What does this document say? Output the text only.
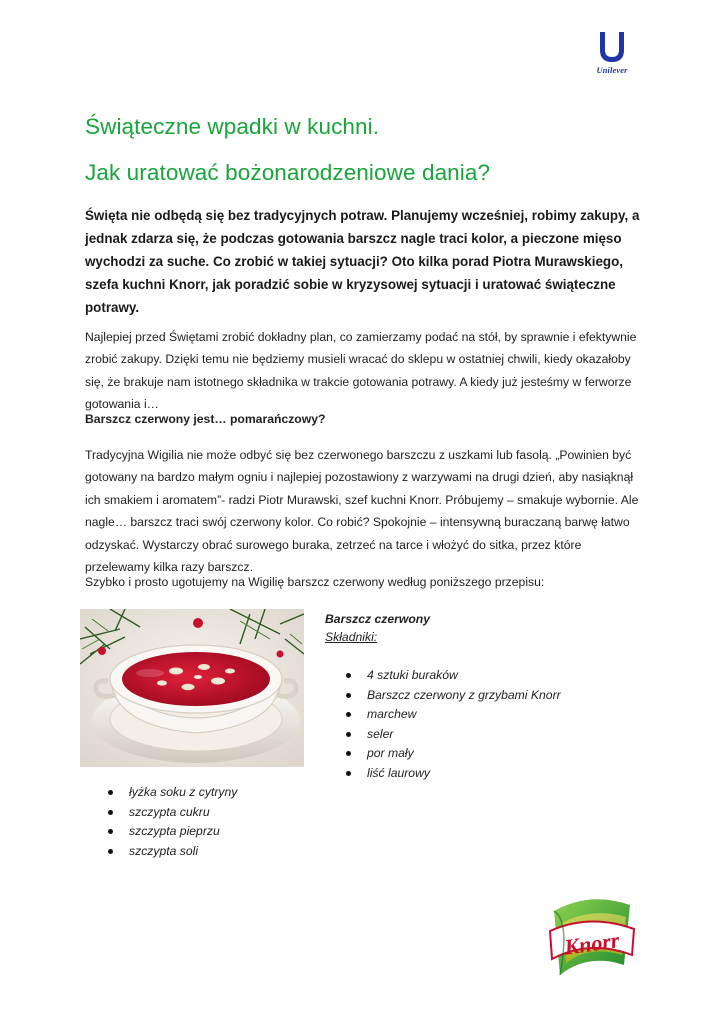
Unilever
Świąteczne wpadki w kuchni.
Jak uratować bożonarodzeniowe dania?

Święta nie odbędą się bez tradycyjnych potraw. Planujemy wcześniej, robimy zakupy, a jednak zdarza się, że podczas gotowania barszcz nagle traci kolor, a pieczone mięso wychodzi za suche. Co zrobić w takiej sytuacji? Oto kilka porad Piotra Murawskiego, szefa kuchni Knorr, jak poradzić sobie w kryzysowej sytuacji i uratować świąteczne potrawy.

Najlepiej przed Świętami zrobić dokładny plan, co zamierzamy podać na stół, by sprawnie i efektywnie zrobić zakupy. Dzięki temu nie będziemy musieli wracać do sklepu w ostatniej chwili, kiedy okazałoby się, że brakuje nam istotnego składnika w trakcie gotowania potrawy. A kiedy już jesteśmy w ferworze gotowania i…

Barszcz czerwony jest… pomarańczowy?

Tradycyjna Wigilia nie może odbyć się bez czerwonego barszczu z uszkami lub fasolą. „Powinien być gotowany na bardzo małym ogniu i najlepiej pozostawiony z warzywami na drugi dzień, aby nasiąknął ich smakiem i aromatem”- radzi Piotr Murawski, szef kuchni Knorr. Próbujemy – smakuje wybornie. Ale nagle… barszcz traci swój czerwony kolor. Co robić? Spokojnie – intensywną buraczaną barwę łatwo odzyskać. Wystarczy obrać surowego buraka, zetrzeć na tarce i włożyć do sitka, przez które przelewamy kilka razy barszcz.

Szybko i prosto ugotujemy na Wigilię barszcz czerwony według poniższego przepisu:

Barszcz czerwony
Składniki:
4 sztuki buraków
Barszcz czerwony z grzybami Knorr
marchew
seler
por mały
liść laurowy
łyżka soku z cytryny
szczypta cukru
szczypta pieprzu
szczypta soli
Knorr
